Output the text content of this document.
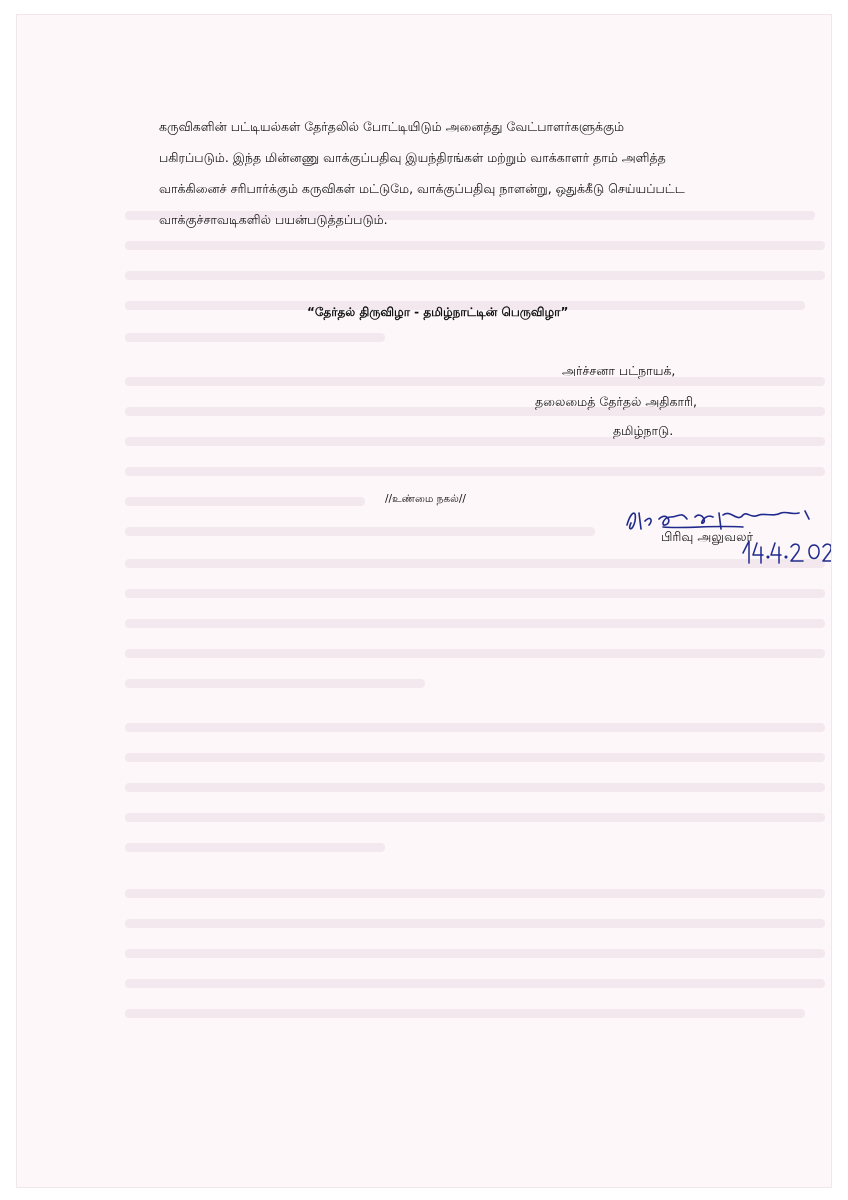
கருவிகளின் பட்டியல்கள் தேர்தலில் போட்டியிடும் அனைத்து வேட்பாளர்களுக்கும்
பகிரப்படும். இந்த மின்னணு வாக்குப்பதிவு இயந்திரங்கள் மற்றும் வாக்காளர் தாம் அளித்த
வாக்கினைச் சரிபார்க்கும் கருவிகள் மட்டுமே, வாக்குப்பதிவு நாளன்று, ஒதுக்கீடு செய்யப்பட்ட
வாக்குச்சாவடிகளில் பயன்படுத்தப்படும்.
“தேர்தல் திருவிழா - தமிழ்நாட்டின் பெருவிழா”
அர்ச்சனா பட்நாயக்,
தலைமைத் தேர்தல் அதிகாரி,
தமிழ்நாடு.
//உண்மை நகல்//
பிரிவு அலுவலர்
